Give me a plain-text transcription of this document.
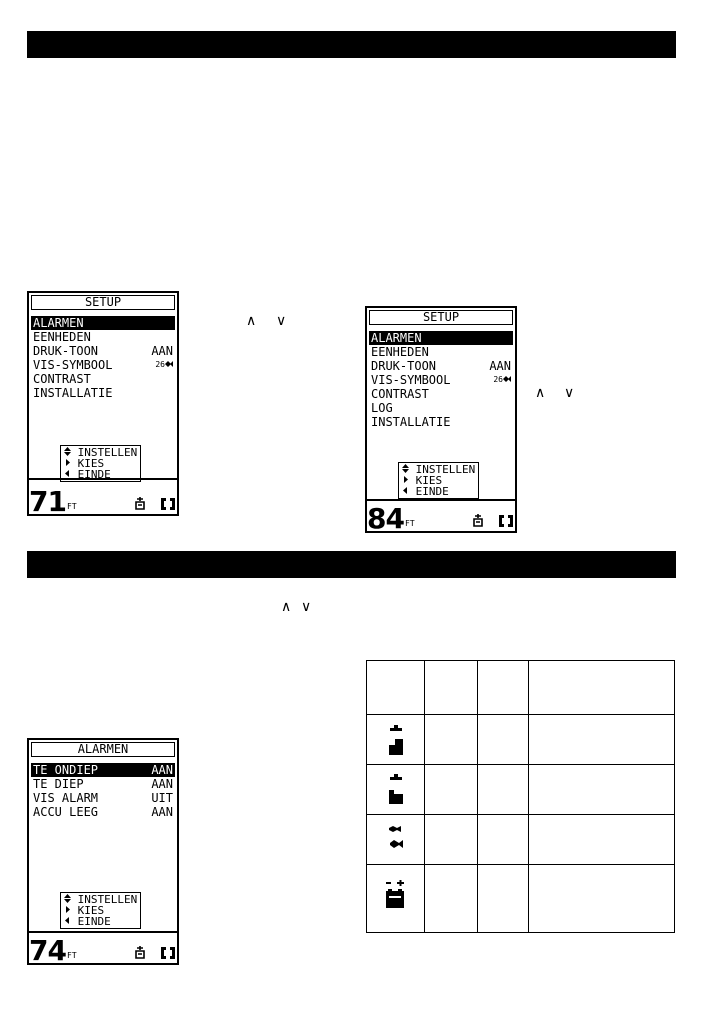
∧ ∨
∧ ∨
∧ ∨
SETUP
ALARMEN
EENHEDEN
DRUK-TOON	AAN
VIS-SYMBOOL	26
CONTRAST
INSTALLATIE
INSTELLEN
KIES
EINDE
71 FT
SETUP
ALARMEN
EENHEDEN
DRUK-TOON	AAN
VIS-SYMBOOL	26
CONTRAST
LOG
INSTALLATIE
INSTELLEN
KIES
EINDE
84 FT
ALARMEN
TE ONDIEP	AAN
TE DIEP	AAN
VIS ALARM	UIT
ACCU LEEG	AAN
INSTELLEN
KIES
EINDE
74 FT
